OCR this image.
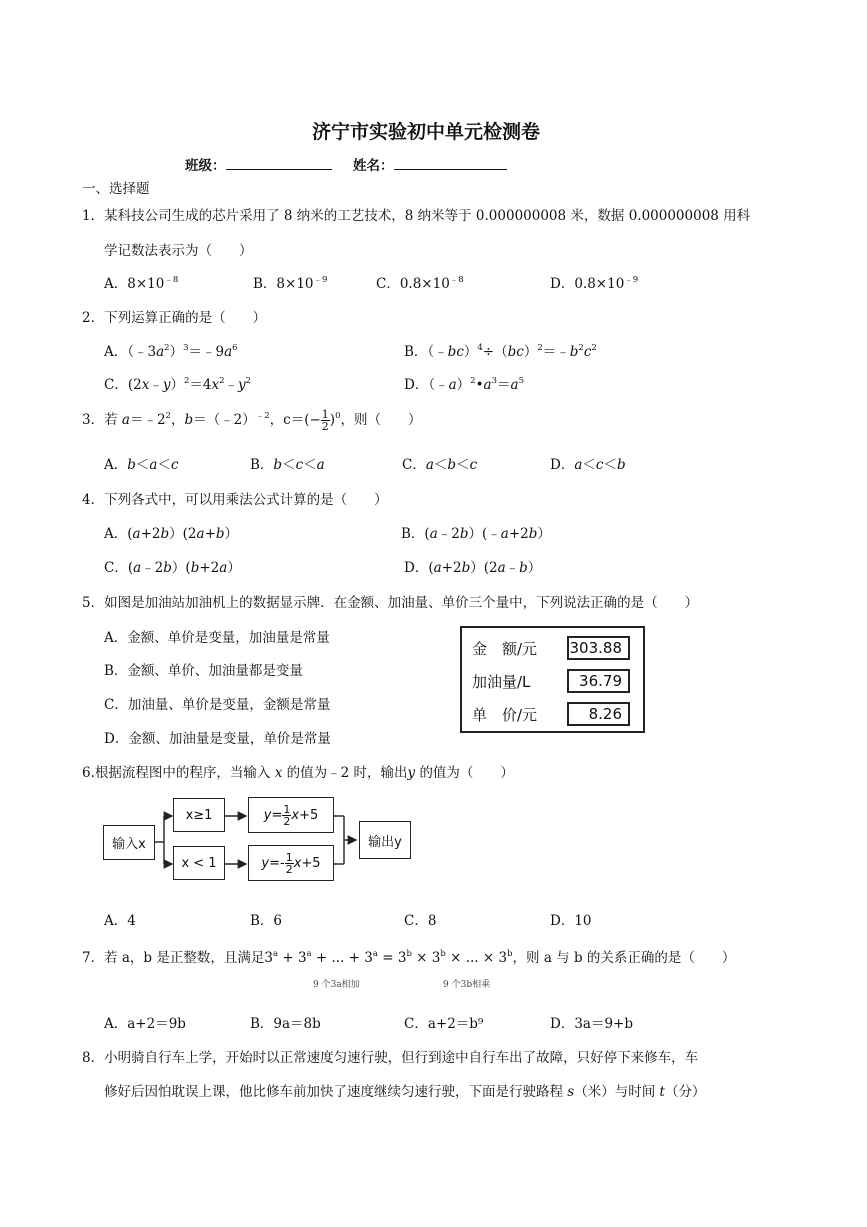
济宁市实验初中单元检测卷
班级：	姓名：
一、选择题
1．某科技公司生成的芯片采用了 8 纳米的工艺技术，8 纳米等于 0.000000008 米，数据 0.000000008 用科
学记数法表示为（　　）
A．$8\times 10^{﹣8}$	B．$8\times 10^{﹣9}$	C．$0.8\times 10^{﹣8}$	D．$0.8\times 10^{﹣9}$
2．下列运算正确的是（　　）
A．$(﹣3a^2)^3=﹣9a^6$	B．$(﹣bc)^4\div(bc)^2=﹣b^2c^2$
C．$(2x﹣y)^2=4x^2﹣y^2$	D．$(﹣a)^2•a^3=a^5$
3．若 $a=﹣2^2$，b＝（﹣2）$^{﹣2}$，$c=(- \frac{1}{2} )^0$，则（　　）
A．b＜a＜c	B．b＜c＜a	C．a＜b＜c	D．a＜c＜b
4．下列各式中，可以用乘法公式计算的是（　　）
A．(a+2b）(2a+b）	B．(a﹣2b）(﹣a+2b）
C．(a﹣2b）(b+2a）	D．(a+2b）(2a﹣b）
5．如图是加油站加油机上的数据显示牌．在金额、加油量、单价三个量中，下列说法正确的是（　　）
A．金额、单价是变量，加油量是常量
B．金额、单价、加油量都是变量
C．加油量、单价是变量，金额是常量
D．金额、加油量是变量，单价是常量
金　额/元 303.88
加油量/L	36.79
单　价/元	8.26
6.根据流程图中的程序，当输入 x 的值为﹣2 时，输出y 的值为（　　）
输入x
x≥1
x < 1
$y = \frac{1}{2}$ x +5
$y =- \frac{1}{2}$ x +5
输出y
A．4	B．6	C．8	D．10
7．若 a，b 是正整数，且满足$3^a + 3^a$ + ... + $3^a = 3^b \times 3^b$ × ... × $3^b$，则 a 与 b 的关系正确的是（　　）
9 个3a相加	9 个3b相乘
A．a+2＝9b	B．9a＝8b	C．a+2＝b⁹	D．3a＝9+b
8．小明骑自行车上学，开始时以正常速度匀速行驶，但行到途中自行车出了故障，只好停下来修车，车
修好后因怕耽误上课，他比修车前加快了速度继续匀速行驶，下面是行驶路程 s（米）与时间 t（分）
